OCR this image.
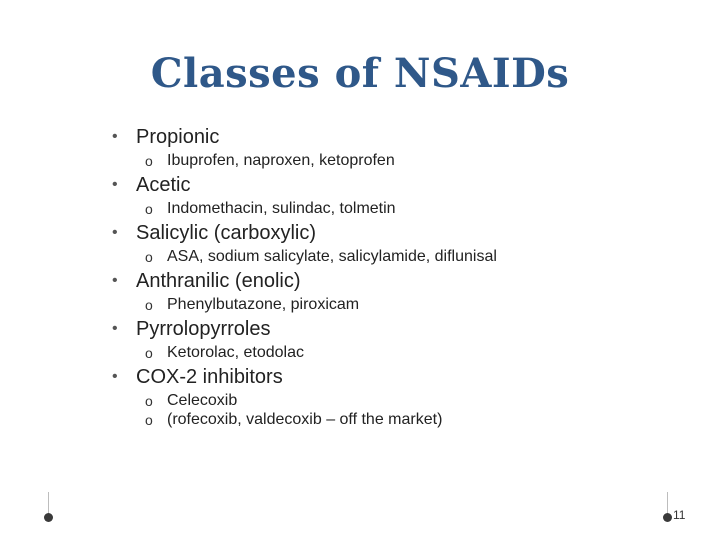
Classes of NSAIDs
• Propionic
o Ibuprofen, naproxen, ketoprofen
• Acetic
o Indomethacin, sulindac, tolmetin
• Salicylic (carboxylic)
o ASA, sodium salicylate, salicylamide, diflunisal
• Anthranilic (enolic)
o Phenylbutazone, piroxicam
• Pyrrolopyrroles
o Ketorolac, etodolac
• COX-2 inhibitors
o Celecoxib
o (rofecoxib, valdecoxib – off the market)
11
